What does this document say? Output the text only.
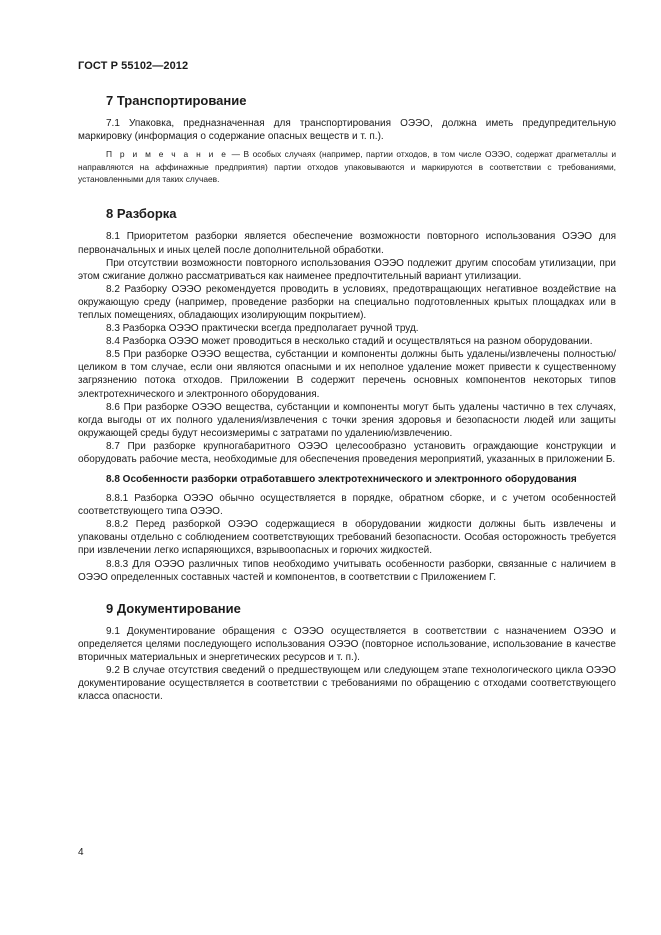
ГОСТ Р 55102—2012
7 Транспортирование

7.1 Упаковка, предназначенная для транспортирования ОЭЭО, должна иметь предупредительную маркировку (информация о содержание опасных веществ и т. п.).

П р и м е ч а н и е — В особых случаях (например, партии отходов, в том числе ОЭЭО, содержат драгметаллы и направляются на аффинажные предприятия) партии отходов упаковываются и маркируются в соответствии с требованиями, установленными для таких случаев.

8 Разборка

8.1 Приоритетом разборки является обеспечение возможности повторного использования ОЭЭО для первоначальных и иных целей после дополнительной обработки.

При отсутствии возможности повторного использования ОЭЭО подлежит другим способам утилизации, при этом сжигание должно рассматриваться как наименее предпочтительный вариант утилизации.

8.2 Разборку ОЭЭО рекомендуется проводить в условиях, предотвращающих негативное воздействие на окружающую среду (например, проведение разборки на специально подготовленных крытых площадках или в теплых помещениях, обладающих изолирующим покрытием).

8.3 Разборка ОЭЭО практически всегда предполагает ручной труд.

8.4 Разборка ОЭЭО может проводиться в несколько стадий и осуществляться на разном оборудовании.

8.5 При разборке ОЭЭО вещества, субстанции и компоненты должны быть удалены/извлечены полностью/целиком в том случае, если они являются опасными и их неполное удаление может привести к существенному загрязнению потока отходов. Приложении В содержит перечень основных компонентов некоторых типов электротехнического и электронного оборудования.

8.6 При разборке ОЭЭО вещества, субстанции и компоненты могут быть удалены частично в тех случаях, когда выгоды от их полного удаления/извлечения с точки зрения здоровья и безопасности людей или защиты окружающей среды будут несоизмеримы с затратами по удалению/извлечению.

8.7 При разборке крупногабаритного ОЭЭО целесообразно установить ограждающие конструкции и оборудовать рабочие места, необходимые для обеспечения проведения мероприятий, указанных в приложении Б.

8.8 Особенности разборки отработавшего электротехнического и электронного оборудования

8.8.1 Разборка ОЭЭО обычно осуществляется в порядке, обратном сборке, и с учетом особенностей соответствующего типа ОЭЭО.

8.8.2 Перед разборкой ОЭЭО содержащиеся в оборудовании жидкости должны быть извлечены и упакованы отдельно с соблюдением соответствующих требований безопасности. Особая осторожность требуется при извлечении легко испаряющихся, взрывоопасных и горючих жидкостей.

8.8.3 Для ОЭЭО различных типов необходимо учитывать особенности разборки, связанные с наличием в ОЭЭО определенных составных частей и компонентов, в соответствии с Приложением Г.

9 Документирование

9.1 Документирование обращения с ОЭЭО осуществляется в соответствии с назначением ОЭЭО и определяется целями последующего использования ОЭЭО (повторное использование, использование в качестве вторичных материальных и энергетических ресурсов и т. п.).

9.2 В случае отсутствия сведений о предшествующем или следующем этапе технологического цикла ОЭЭО документирование осуществляется в соответствии с требованиями по обращению с отходами соответствующего класса опасности.

4
